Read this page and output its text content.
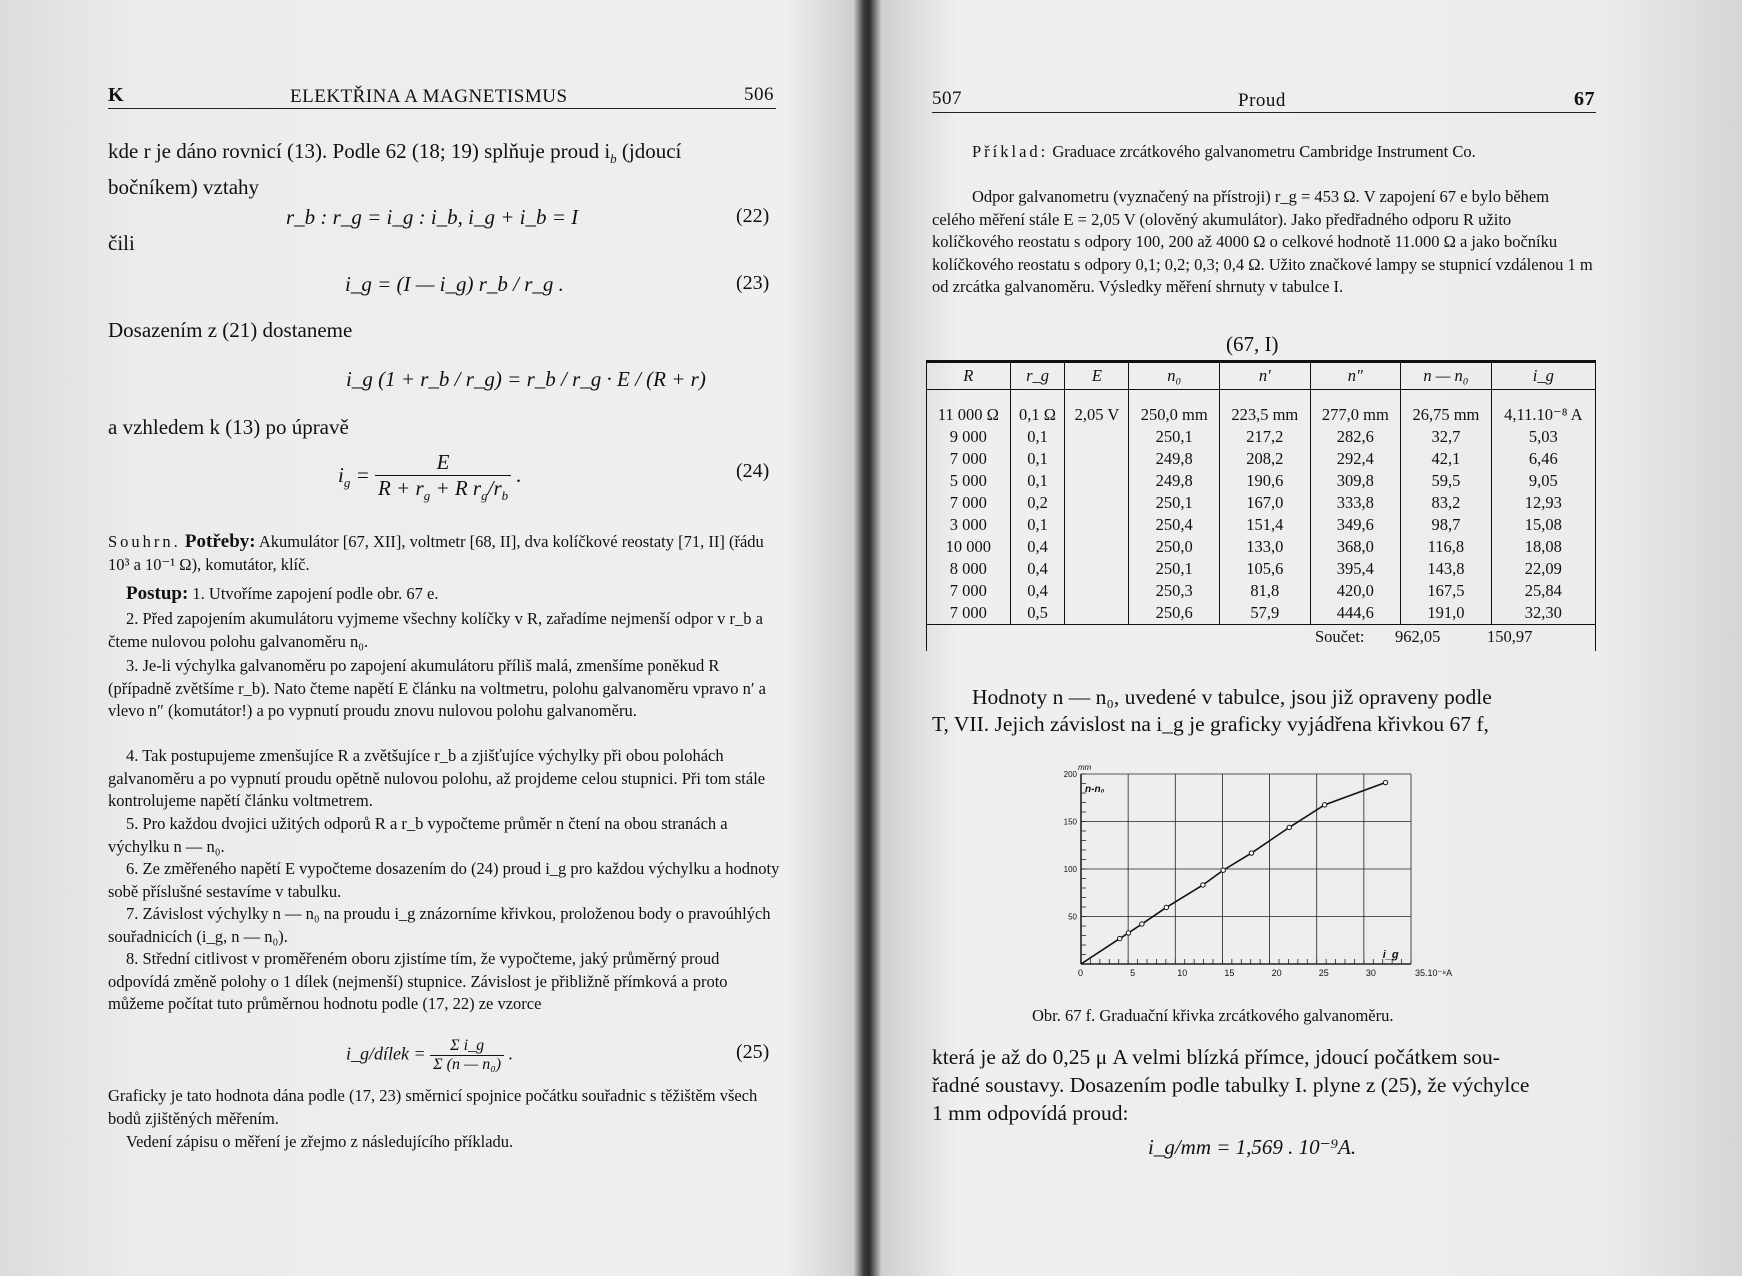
K	ELEKTŘINA A MAGNETISMUS	506
kde r je dáno rovnicí (13). Podle 62 (18; 19) splňuje proud $i_b$ (jdoucí
bočníkem) vztahy
r_b : r_g = i_g : i_b, i_g + i_b = I	(22)
čili
i_g = (I — i_g) r_b / r_g .	(23)
Dosazením z (21) dostaneme
i_g (1 + r_b / r_g) = r_b / r_g · E / (R + r)
a vzhledem k (13) po úpravě
$i_g = \frac{E}{R + r_g + R r_g/r_b}$ .	(24)
Souhrn. Potřeby: Akumulátor [67, XII], voltmetr [68, II], dva kolíčkové reostaty [71, II] (řádu 10³ a 10⁻¹ Ω), komutátor, klíč.
Postup: 1. Utvoříme zapojení podle obr. 67 e.
2. Před zapojením akumulátoru vyjmeme všechny kolíčky v R, zařadíme nejmenší odpor v r_b a čteme nulovou polohu galvanoměru n₀.
3. Je-li výchylka galvanoměru po zapojení akumulátoru příliš malá, zmenšíme poněkud R (případně zvětšíme r_b). Nato čteme napětí E článku na voltmetru, polohu galvanoměru vpravo n′ a vlevo n″ (komutátor!) a po vypnutí proudu znovu nulovou polohu galvanoměru.
4. Tak postupujeme zmenšujíce R a zvětšujíce r_b a zjišťujíce výchylky při obou polohách galvanoměru a po vypnutí proudu opětně nulovou polohu, až projdeme celou stupnici. Při tom stále kontrolujeme napětí článku voltmetrem.
5. Pro každou dvojici užitých odporů R a r_b vypočteme průměr n čtení na obou stranách a výchylku n — n₀.
6. Ze změřeného napětí E vypočteme dosazením do (24) proud i_g pro každou výchylku a hodnoty sobě příslušné sestavíme v tabulku.
7. Závislost výchylky n — n₀ na proudu i_g znázorníme křivkou, proloženou body o pravoúhlých souřadnicích (i_g, n — n₀).
8. Střední citlivost v proměřeném oboru zjistíme tím, že vypočteme, jaký průměrný proud odpovídá změně polohy o 1 dílek (nejmenší) stupnice. Závislost je přibližně přímková a proto můžeme počítat tuto průměrnou hodnotu podle (17, 22) ze vzorce
i_g/dílek = $\frac{\text{Σ i\_g}}{\text{Σ (n — n₀)}}$ .	(25)
Graficky je tato hodnota dána podle (17, 23) směrnicí spojnice počátku souřadnic s těžištěm všech bodů zjištěných měřením.
Vedení zápisu o měření je zřejmo z následujícího příkladu.
507	Proud	67
Příklad: Graduace zrcátkového galvanometru Cambridge Instrument Co.
Odpor galvanometru (vyznačený na přístroji) r_g = 453 Ω. V zapojení 67 e bylo během celého měření stále E = 2,05 V (olověný akumulátor). Jako předřadného odporu R užito kolíčkového reostatu s odpory 100, 200 až 4000 Ω o celkové hodnotě 11.000 Ω a jako bočníku kolíčkového reostatu s odpory 0,1; 0,2; 0,3; 0,4 Ω. Užito značkové lampy se stupnicí vzdálenou 1 m od zrcátka galvanoměru. Výsledky měření shrnuty v tabulce I.
(67, I)
R	r_g	E	n₀	n′	n″	n — n₀	i_g
11 000 Ω	0,1 Ω	2,05 V	250,0 mm	223,5 mm	277,0 mm	26,75 mm	4,11.10⁻⁸ A
9 000	0,1		250,1	217,2	282,6	32,7	5,03
7 000	0,1		249,8	208,2	292,4	42,1	6,46
5 000	0,1		249,8	190,6	309,8	59,5	9,05
7 000	0,2		250,1	167,0	333,8	83,2	12,93
3 000	0,1		250,4	151,4	349,6	98,7	15,08
10 000	0,4		250,0	133,0	368,0	116,8	18,08
8 000	0,4		250,1	105,6	395,4	143,8	22,09
7 000	0,4		250,3	81,8	420,0	167,5	25,84
7 000	0,5		250,6	57,9	444,6	191,0	32,30
Součet: 962,05	150,97
Hodnoty n — n₀, uvedené v tabulce, jsou již opraveny podle
T, VII. Jejich závislost na i_g je graficky vyjádřena křivkou 67 f,
0	5	10	15	20	25	30	35.10⁻⁸A
50
100
150
200
mm
n-n₀
i_g
Obr. 67 f. Graduační křivka zrcátkového galvanoměru.
která je až do 0,25 μ A velmi blízká přímce, jdoucí počátkem sou-
řadné soustavy. Dosazením podle tabulky I. plyne z (25), že výchylce
1 mm odpovídá proud:
i_g/mm = 1,569 . 10⁻⁹A.
